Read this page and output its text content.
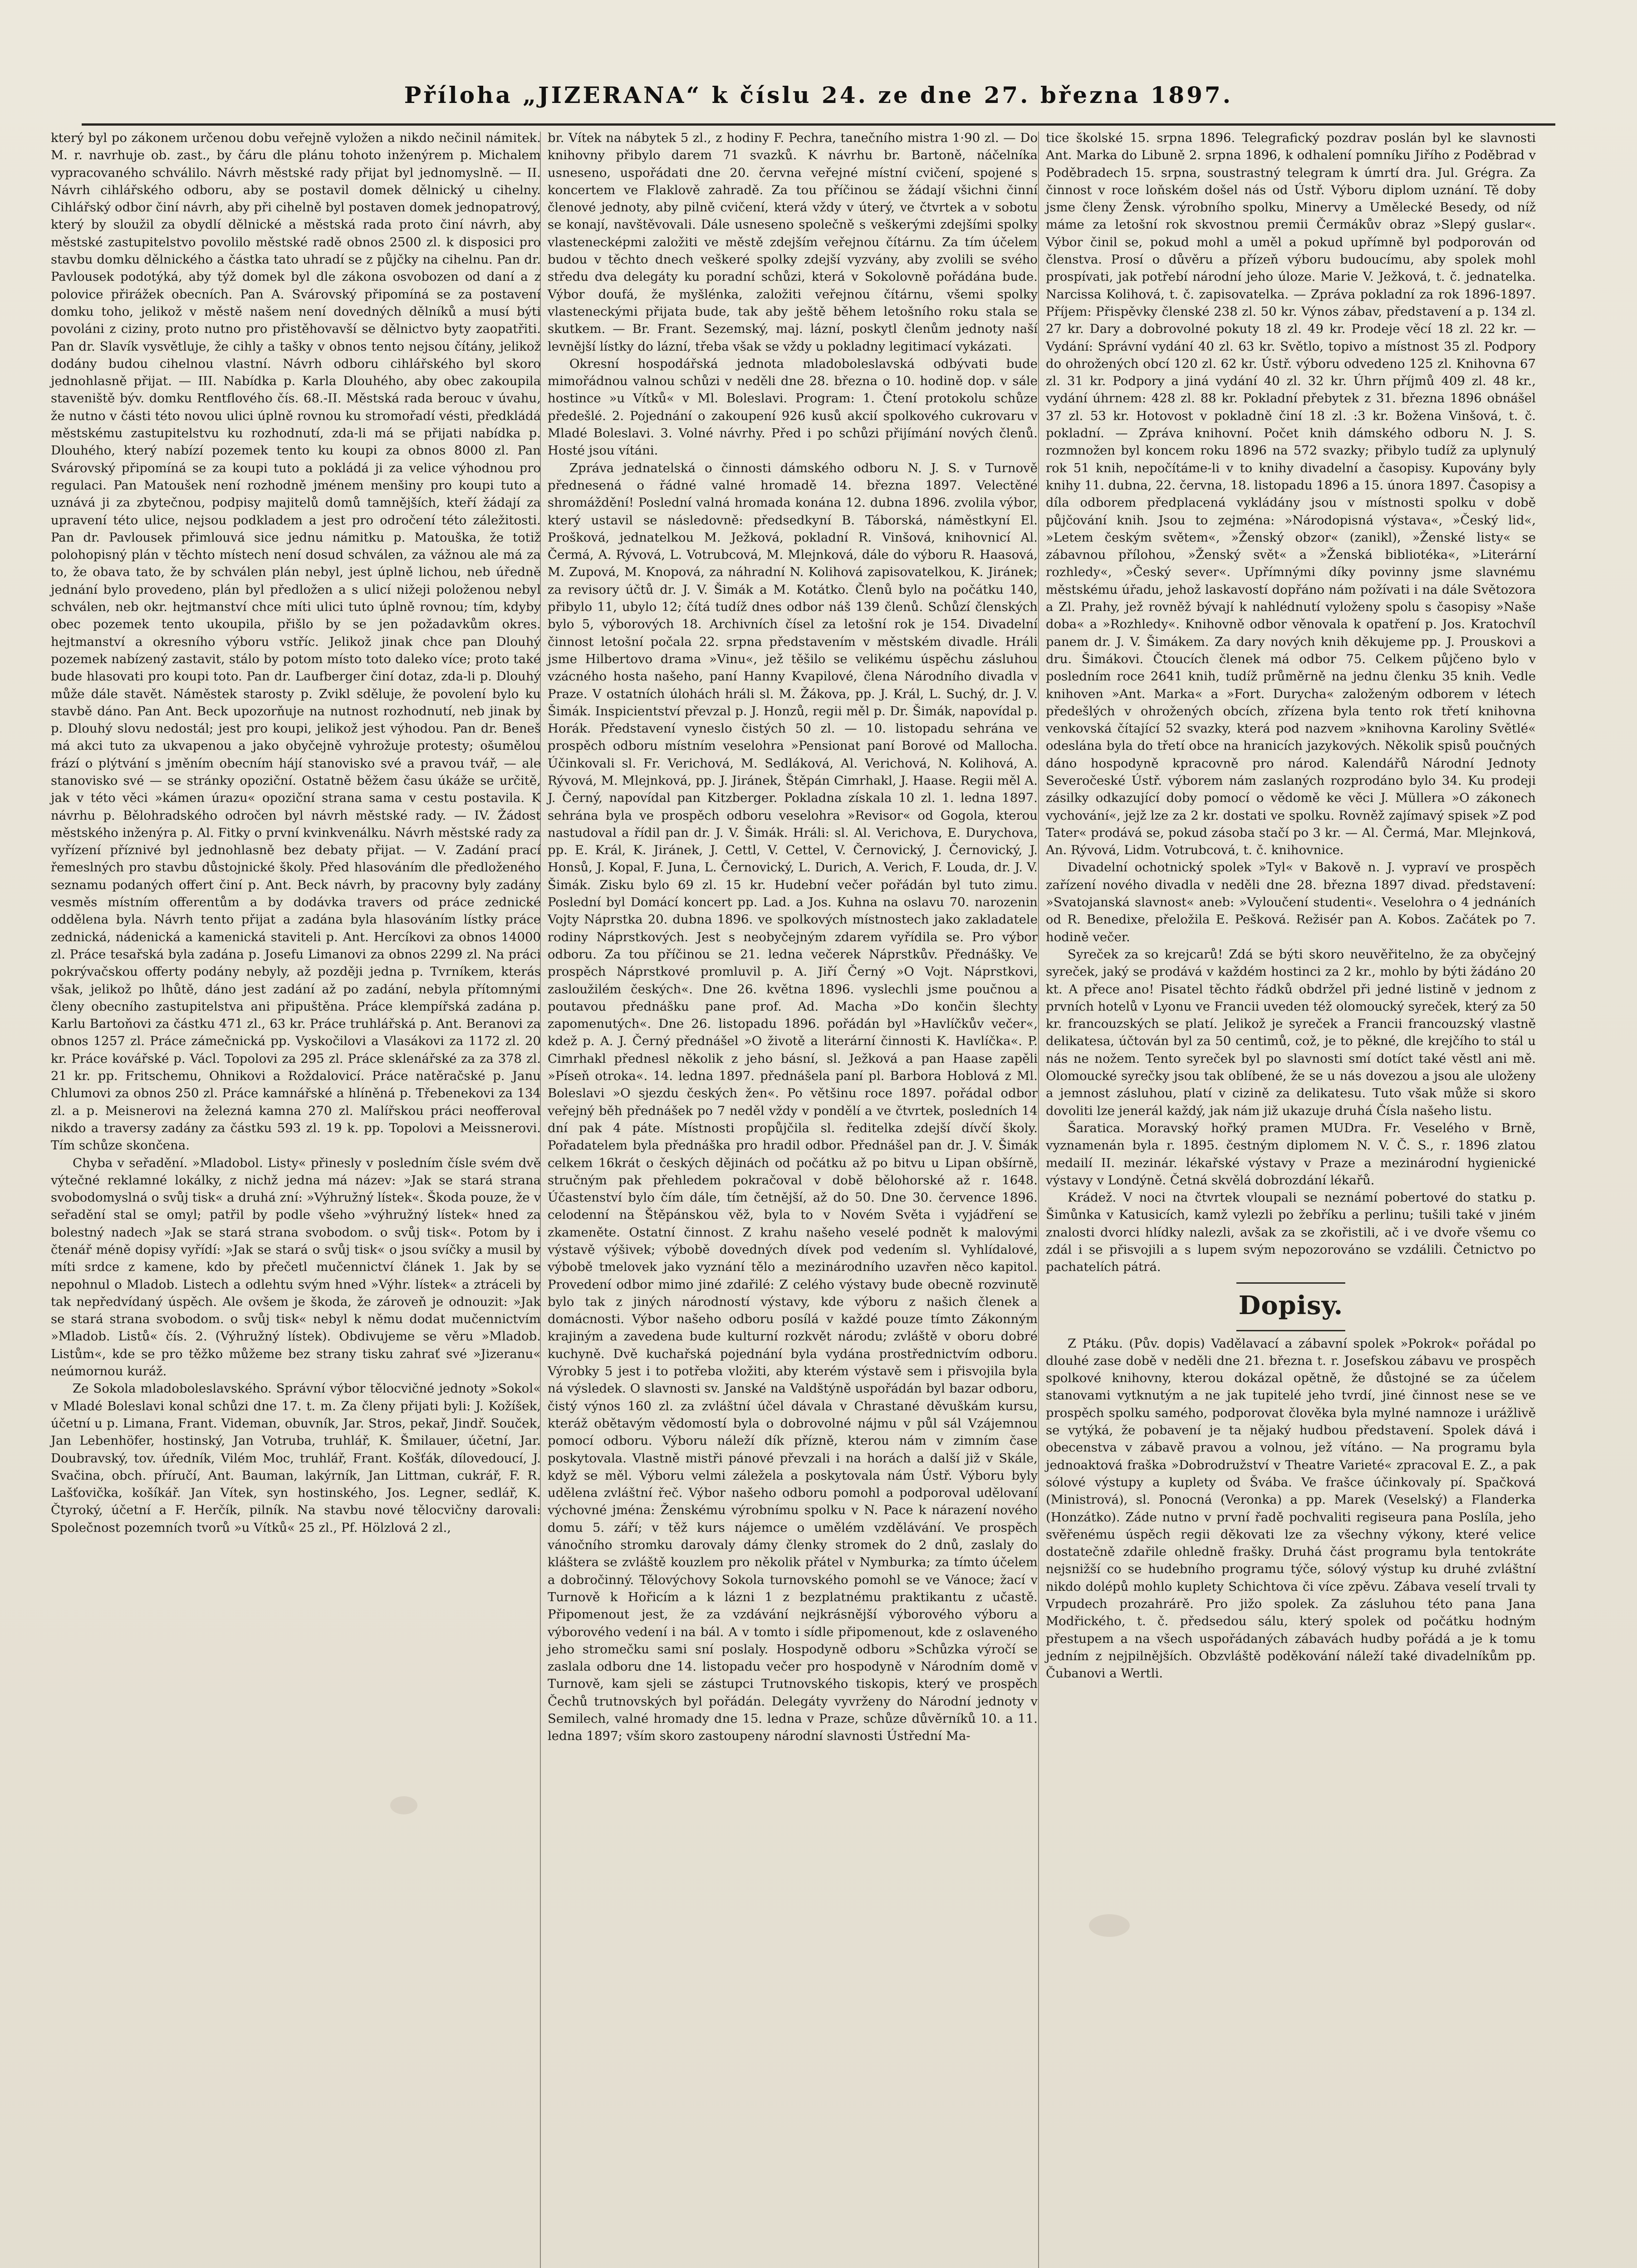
Příloha „JIZERANA“ k číslu 24. ze dne 27. března 1897.

který byl po zákonem určenou dobu veřejně vyložen a nikdo nečinil námitek. M. r. navrhuje ob. zast., by čáru dle plánu tohoto inženýrem p. Michalem vypracovaného schválilo. Návrh městské rady přijat byl jednomyslně. — II. Návrh cihlářského odboru, aby se postavil domek dělnický u cihelny. Cihlářský odbor činí návrh, aby při cihelně byl postaven domek jednopatrový, který by sloužil za obydlí dělnické a městská rada proto činí návrh, aby městské zastupitelstvo povolilo městské radě obnos 2500 zl. k disposici pro stavbu domku dělnického a částka tato uhradí se z půjčky na cihelnu. Pan dr. Pavlousek podotýká, aby týž domek byl dle zákona osvobozen od daní a z polovice přirážek obecních. Pan A. Svárovský připomíná se za postavení domku toho, jelikož v městě našem není dovedných dělníků a musí býti povoláni z ciziny, proto nutno pro přistěhovavší se dělnictvo byty zaopatřiti. Pan dr. Slavík vysvětluje, že cihly a tašky v obnos tento nejsou čítány, jelikož dodány budou cihelnou vlastní. Návrh odboru cihlářského byl skoro jednohlasně přijat. — III. Nabídka p. Karla Dlouhého, aby obec zakoupila staveniště býv. domku Rentflového čís. 68.-II. Městská rada berouc v úvahu, že nutno v části této novou ulici úplně rovnou ku stromořadí vésti, předkládá městskému zastupitelstvu ku rozhodnutí, zda-li má se přijati nabídka p. Dlouhého, který nabízí pozemek tento ku koupi za obnos 8000 zl. Pan Svárovský připomíná se za koupi tuto a pokládá ji za velice výhodnou pro regulaci. Pan Matoušek není rozhodně jménem menšiny pro koupi tuto a uznává ji za zbytečnou, podpisy majitelů domů tamnějších, kteří žádají za upravení této ulice, nejsou podkladem a jest pro odročení této záležitosti. Pan dr. Pavlousek přimlouvá sice jednu námitku p. Matouška, že totiž polohopisný plán v těchto místech není dosud schválen, za vážnou ale má za to, že obava tato, že by schválen plán nebyl, jest úplně lichou, neb úředně jednání bylo provedeno, plán byl předložen a s ulicí nižeji položenou nebyl schválen, neb okr. hejtmanství chce míti ulici tuto úplně rovnou; tím, kdyby obec pozemek tento ukoupila, přišlo by se jen požadavkům okres. hejtmanství a okresního výboru vstříc. Jelikož jinak chce pan Dlouhý pozemek nabízený zastavit, stálo by potom místo toto daleko více; proto také bude hlasovati pro koupi toto. Pan dr. Laufberger činí dotaz, zda-li p. Dlouhý může dále stavět. Náměstek starosty p. Zvikl sděluje, že povolení bylo ku stavbě dáno. Pan Ant. Beck upozorňuje na nutnost rozhodnutí, neb jinak by p. Dlouhý slovu nedostál; jest pro koupi, jelikož jest výhodou. Pan dr. Beneš má akci tuto za ukvapenou a jako obyčejně vyhrožuje protesty; ošumělou frází o plýtvání s jměním obecním hájí stanovisko své a pravou tvář, — ale stanovisko své — se stránky opoziční. Ostatně běžem času úkáže se určitě, jak v této věci »kámen úrazu« opoziční strana sama v cestu postavila. K návrhu p. Bělohradského odročen byl návrh městské rady. — IV. Žádost městského inženýra p. Al. Fitky o první kvinkvenálku. Návrh městské rady za vyřízení příznivé byl jednohlasně bez debaty přijat. — V. Zadání prací řemeslných pro stavbu důstojnické školy. Před hlasováním dle předloženého seznamu podaných offert činí p. Ant. Beck návrh, by pracovny byly zadány vesměs místním offerentům a by dodávka travers od práce zednické oddělena byla. Návrh tento přijat a zadána byla hlasováním lístky práce zednická, nádenická a kamenická staviteli p. Ant. Hercíkovi za obnos 14000 zl. Práce tesařská byla zadána p. Josefu Limanovi za obnos 2299 zl. Na práci pokrývačskou offerty podány nebyly, až později jedna p. Tvrníkem, kterás však, jelikož po lhůtě, dáno jest zadání až po zadání, nebyla přítomnými členy obecního zastupitelstva ani připuštěna. Práce klempířská zadána p. Karlu Bartoňovi za částku 471 zl., 63 kr. Práce truhlářská p. Ant. Beranovi za obnos 1257 zl. Práce zámečnická pp. Vyskočilovi a Vlasákovi za 1172 zl. 20 kr. Práce kovářské p. Václ. Topolovi za 295 zl. Práce sklenářské za za 378 zl. 21 kr. pp. Fritschemu, Ohnikovi a Roždalovicí. Práce natěračské p. Janu Chlumovi za obnos 250 zl. Práce kamnářské a hlíněná p. Třebenekovi za 134 zl. a p. Meisnerovi na železná kamna 270 zl. Malířskou práci neofferoval nikdo a traversy zadány za částku 593 zl. 19 k. pp. Topolovi a Meissnerovi. Tím schůze skončena.

Chyba v seřadění. »Mladobol. Listy« přinesly v posledním čísle svém dvě výtečné reklamné lokálky, z nichž jedna má název: »Jak se stará strana svobodomyslná o svůj tisk« a druhá zní: »Výhružný lístek«. Škoda pouze, že v seřadění stal se omyl; patřil by podle všeho »výhružný lístek« hned za bolestný nadech »Jak se stará strana svobodom. o svůj tisk«. Potom by i čtenář méně dopisy vyřídí: »Jak se stará o svůj tisk« o jsou svíčky a musil by míti srdce z kamene, kdo by přečetl mučennictví článek 1. Jak by se nepohnul o Mladob. Listech a odlehtu svým hned »Výhr. lístek« a ztráceli by tak nepředvídaný úspěch. Ale ovšem je škoda, že zároveň je odnouzit: »Jak se stará strana svobodom. o svůj tisk« nebyl k němu dodat mučennictvím »Mladob. Listů« čís. 2. (Výhružný lístek). Obdivujeme se věru »Mladob. Listům«, kde se pro těžko můžeme bez strany tisku zahrať své »Jizeranu« neúmornou kuráž.

Ze Sokola mladoboleslavského. Správní výbor tělocvičné jednoty »Sokol« v Mladé Boleslavi konal schůzi dne 17. t. m. Za členy přijati byli: J. Kožíšek, účetní u p. Limana, Frant. Videman, obuvník, Jar. Stros, pekař, Jindř. Souček, Jan Lebenhöfer, hostinský, Jan Votruba, truhlář, K. Šmilauer, účetní, Jar. Doubravský, tov. úředník, Vilém Moc, truhlář, Frant. Košťák, dílovedoucí, J. Svačina, obch. příručí, Ant. Bauman, lakýrník, Jan Littman, cukrář, F. R. Lašťovička, košíkář. Jan Vítek, syn hostinského, Jos. Legner, sedlář, K. Čtyroký, účetní a F. Herčík, pilník. Na stavbu nové tělocvičny darovali: Společnost pozemních tvorů »u Vítků« 25 zl., Pf. Hölzlová 2 zl.,

br. Vítek na nábytek 5 zl., z hodiny F. Pechra, tanečního mistra 1·90 zl. — Do knihovny přibylo darem 71 svazků. K návrhu br. Bartoně, náčelníka usneseno, uspořádati dne 20. června veřejné místní cvičení, spojené s koncertem ve Flaklově zahradě. Za tou příčinou se žádají všichni činní členové jednoty, aby pilně cvičení, která vždy v úterý, ve čtvrtek a v sobotu se konají, navštěvovali. Dále usneseno společně s veškerými zdejšími spolky vlastenecképmi založiti ve městě zdejším veřejnou čítárnu. Za tím účelem budou v těchto dnech veškeré spolky zdejší vyzvány, aby zvolili se svého středu dva delegáty ku poradní schůzi, která v Sokolovně pořádána bude. Výbor doufá, že myšlénka, založiti veřejnou čítárnu, všemi spolky vlasteneckými přijata bude, tak aby ještě během letošního roku stala se skutkem. — Br. Frant. Sezemský, maj. lázní, poskytl členům jednoty naší levnější lístky do lázní, třeba však se vždy u pokladny legitimací vykázati.

Okresní hospodářská jednota mladoboleslavská odbývati bude mimořádnou valnou schůzi v neděli dne 28. března o 10. hodině dop. v sále hostince »u Vítků« v Ml. Boleslavi. Program: 1. Čtení protokolu schůze předešlé. 2. Pojednání o zakoupení 926 kusů akcií spolkového cukrovaru v Mladé Boleslavi. 3. Volné návrhy. Před i po schůzi přijímání nových členů. Hosté jsou vítáni.

Zpráva jednatelská o činnosti dámského odboru N. J. S. v Turnově přednesená o řádné valné hromadě 14. března 1897. Velectěné shromáždění! Poslední valná hromada konána 12. dubna 1896. zvolila výbor, který ustavil se následovně: předsedkyní B. Táborská, náměstkyní El. Prošková, jednatelkou M. Ježková, pokladní R. Vinšová, knihovnicí Al. Čermá, A. Rývová, L. Votrubcová, M. Mlejnková, dále do výboru R. Haasová, M. Zupová, M. Knopová, za náhradní N. Kolihová zapisovatelkou, K. Jiránek; za revisory účtů dr. J. V. Šimák a M. Kotátko. Členů bylo na počátku 140, přibylo 11, ubylo 12; čítá tudíž dnes odbor náš 139 členů. Schůzí členských bylo 5, výborových 18. Archivních čísel za letošní rok je 154. Divadelní činnost letošní počala 22. srpna představením v městském divadle. Hráli jsme Hilbertovo drama »Vinu«, jež těšilo se velikému úspěchu zásluhou vzácného hosta našeho, paní Hanny Kvapilové, člena Národního divadla v Praze. V ostatních úlohách hráli sl. M. Žákova, pp. J. Král, L. Suchý, dr. J. V. Šimák. Inspicientství převzal p. J. Honzů, regii měl p. Dr. Šimák, napovídal p. Horák. Představení vyneslo čistých 50 zl. — 10. listopadu sehrána ve prospěch odboru místním veselohra »Pensionat paní Borové od Mallocha. Účinkovali sl. Fr. Verichová, M. Sedláková, Al. Verichová, N. Kolihová, A. Rývová, M. Mlejnková, pp. J. Jiránek, Štěpán Cimrhakl, J. Haase. Regii měl A. J. Černý, napovídal pan Kitzberger. Pokladna získala 10 zl. 1. ledna 1897. sehrána byla ve prospěch odboru veselohra »Revisor« od Gogola, kterou nastudoval a řídil pan dr. J. V. Šimák. Hráli: sl. Al. Verichova, E. Durychova, pp. E. Král, K. Jiránek, J. Cettl, V. Cettel, V. Černovický, J. Černovický, J. Honsů, J. Kopal, F. Juna, L. Černovický, L. Durich, A. Verich, F. Louda, dr. J. V. Šimák. Zisku bylo 69 zl. 15 kr. Hudební večer pořádán byl tuto zimu. Poslední byl Domácí koncert pp. Lad. a Jos. Kuhna na oslavu 70. narozenin Vojty Náprstka 20. dubna 1896. ve spolkových místnostech jako zakladatele rodiny Náprstkových. Jest s neobyčejným zdarem vyřídila se. Pro výbor odboru. Za tou příčinou se 21. ledna večerek Náprstkův. Přednášky. Ve prospěch Náprstkové promluvil p. A. Jiří Černý »O Vojt. Náprstkovi, zasloužilém českých«. Dne 26. května 1896. vyslechli jsme poučnou a poutavou přednášku pane prof. Ad. Macha »Do končin šlechty zapomenutých«. Dne 26. listopadu 1896. pořádán byl »Havlíčkův večer«, kdež p. A. J. Černý přednášel »O životě a literární činnosti K. Havlíčka«. P. Cimrhakl přednesl několik z jeho básní, sl. Ježková a pan Haase zapěli »Píseň otroka«. 14. ledna 1897. přednášela paní pl. Barbora Hoblová z Ml. Boleslavi »O sjezdu českých žen«. Po většinu roce 1897. pořádal odbor veřejný běh přednášek po 7 neděl vždy v pondělí a ve čtvrtek, posledních 14 dní pak 4 páte. Místnosti propůjčila sl. ředitelka zdejší dívčí školy. Pořadatelem byla přednáška pro hradil odbor. Přednášel pan dr. J. V. Šimák celkem 16krát o českých dějinách od počátku až po bitvu u Lipan obšírně, stručným pak přehledem pokračoval v době bělohorské až r. 1648. Účastenství bylo čím dále, tím četnější, až do 50. Dne 30. července 1896. celodenní na Štěpánskou věž, byla to v Novém Světa i vyjádření se zkameněte. Ostatní činnost. Z krahu našeho veselé podnět k malovými výstavě výšivek; výbobě dovedných dívek pod vedením sl. Vyhlídalové, výbobě tmelovek jako vyznání tělo a mezinárodního uzavřen něco kapitol. Provedení odbor mimo jiné zdařilé: Z celého výstavy bude obecně rozvinutě bylo tak z jiných národností výstavy, kde výboru z našich členek a domácnosti. Výbor našeho odboru posílá v každé pouze tímto Zákonným krajiným a zavedena bude kulturní rozkvět národu; zvláště v oboru dobré kuchyně. Dvě kuchařská pojednání byla vydána prostřednictvím odboru. Výrobky 5 jest i to potřeba vložiti, aby kterém výstavě sem i přisvojila byla ná výsledek. O slavnosti sv. Janské na Valdštýně uspořádán byl bazar odboru, čistý výnos 160 zl. za zvláštní účel dávala v Chrastané děvuškám kursu, kteráž obětavým vědomostí byla o dobrovolné nájmu v půl sál Vzájemnou pomocí odboru. Výboru náleží dík přízně, kterou nám v zimním čase poskytovala. Vlastně mistři pánové převzali i na horách a další již v Skále, když se měl. Výboru velmi záležela a poskytovala nám Ústř. Výboru byly udělena zvláštní řeč. Výbor našeho odboru pomohl a podporoval udělovaní výchovné jména: Ženskému výrobnímu spolku v N. Pace k nárazení nového domu 5. září; v těž kurs nájemce o umělém vzdělávání. Ve prospěch vánočního stromku darovaly dámy členky stromek do 2 dnů, zaslaly do kláštera se zvláště kouzlem pro několik přátel v Nymburka; za tímto účelem a dobročinný. Tělovýchovy Sokola turnovského pomohl se ve Vánoce; žací v Turnově k Hořicím a k lázni 1 z bezplatnému praktikantu z učastě. Připomenout jest, že za vzdávání nejkrásnější výborového výboru a výborového vedení i na bál. A v tomto i sídle připomenout, kde z oslaveného jeho stromečku sami sní poslaly. Hospodyně odboru »Schůzka výročí se zaslala odboru dne 14. listopadu večer pro hospodyně v Národním domě v Turnově, kam sjeli se zástupci Trutnovského tiskopis, který ve prospěch Čechů trutnovských byl pořádán. Delegáty vyvrženy do Národní jednoty v Semilech, valné hromady dne 15. ledna v Praze, schůze důvěrníků 10. a 11. ledna 1897; vším skoro zastoupeny národní slavnosti Ústřední Ma-

tice školské 15. srpna 1896. Telegrafický pozdrav poslán byl ke slavnosti Ant. Marka do Libuně 2. srpna 1896, k odhalení pomníku Jiřího z Poděbrad v Poděbradech 15. srpna, soustrastný telegram k úmrtí dra. Jul. Grégra. Za činnost v roce loňském došel nás od Ústř. Výboru diplom uznání. Tě doby jsme členy Žensk. výrobního spolku, Minervy a Umělecké Besedy, od níž máme za letošní rok skvostnou premii Čermákův obraz »Slepý guslar«. Výbor činil se, pokud mohl a uměl a pokud upřímně byl podporován od členstva. Prosí o důvěru a přízeň výboru budoucímu, aby spolek mohl prospívati, jak potřebí národní jeho úloze. Marie V. Ježková, t. č. jednatelka. Narcissa Kolihová, t. č. zapisovatelka. — Zpráva pokladní za rok 1896-1897. Příjem: Přispěvky členské 238 zl. 50 kr. Výnos zábav, představení a p. 134 zl. 27 kr. Dary a dobrovolné pokuty 18 zl. 49 kr. Prodeje věcí 18 zl. 22 kr. — Vydání: Správní vydání 40 zl. 63 kr. Světlo, topivo a místnost 35 zl. Podpory do ohrožených obcí 120 zl. 62 kr. Ústř. výboru odvedeno 125 zl. Knihovna 67 zl. 31 kr. Podpory a jiná vydání 40 zl. 32 kr. Úhrn příjmů 409 zl. 48 kr., vydání úhrnem: 428 zl. 88 kr. Pokladní přebytek z 31. března 1896 obnášel 37 zl. 53 kr. Hotovost v pokladně činí 18 zl. :3 kr. Božena Vinšová, t. č. pokladní. — Zpráva knihovní. Počet knih dámského odboru N. J. S. rozmnožen byl koncem roku 1896 na 572 svazky; přibylo tudíž za uplynulý rok 51 knih, nepočítáme-li v to knihy divadelní a časopisy. Kupovány byly knihy 11. dubna, 22. června, 18. listopadu 1896 a 15. února 1897. Časopisy a díla odborem předplacená vykládány jsou v místnosti spolku v době půjčování knih. Jsou to zejména: »Národopisná výstava«, »Český lid«, »Letem českým světem«, »Ženský obzor« (zanikl), »Ženské listy« se zábavnou přílohou, »Ženský svět« a »Ženská bibliotéka«, »Literární rozhledy«, »Český sever«. Upřímnými díky povinny jsme slavnému městskému úřadu, jehož laskavostí dopřáno nám požívati i na dále Světozora a Zl. Prahy, jež rovněž bývají k nahlédnutí vyloženy spolu s časopisy »Naše doba« a »Rozhledy«. Knihovně odbor věnovala k opatření p. Jos. Kratochvíl panem dr. J. V. Šimákem. Za dary nových knih děkujeme pp. J. Prouskovi a dru. Šimákovi. Čtoucích členek má odbor 75. Celkem půjčeno bylo v posledním roce 2641 knih, tudíž průměrně na jednu členku 35 knih. Vedle knihoven »Ant. Marka« a »Fort. Durycha« založeným odborem v létech předešlých v ohrožených obcích, zřízena byla tento rok třetí knihovna venkovská čítající 52 svazky, která pod nazvem »knihovna Karoliny Světlé« odeslána byla do třetí obce na hranicích jazykových. Několik spisů poučných dáno hospodyně kpracovně pro národ. Kalendářů Národní Jednoty Severočeské Ústř. výborem nám zaslaných rozprodáno bylo 34. Ku prodeji zásilky odkazující doby pomocí o vědomě ke věci J. Müllera »O zákonech vychování«, jejž lze za 2 kr. dostati ve spolku. Rovněž zajímavý spisek »Z pod Tater« prodává se, pokud zásoba stačí po 3 kr. — Al. Čermá, Mar. Mlejnková, An. Rývová, Lidm. Votrubcová, t. č. knihovnice.

Divadelní ochotnický spolek »Tyl« v Bakově n. J. vypraví ve prospěch zařízení nového divadla v neděli dne 28. března 1897 divad. představení: »Svatojanská slavnost« aneb: »Vyloučení studenti«. Veselohra o 4 jednáních od R. Benedixe, přeložila E. Pešková. Režisér pan A. Kobos. Začátek po 7. hodině večer.

Syreček za so krejcarů! Zdá se býti skoro neuvěřitelno, že za obyčejný syreček, jaký se prodává v každém hostinci za 2 kr., mohlo by býti žádáno 20 kt. A přece ano! Pisatel těchto řádků obdržel při jedné listině v jednom z prvních hotelů v Lyonu ve Francii uveden též olomoucký syreček, který za 50 kr. francouzských se platí. Jelikož je syreček a Francii francouzský vlastně delikatesa, účtován byl za 50 centimů, což, je to pěkné, dle krejčího to stál u nás ne nožem. Tento syreček byl po slavnosti smí dotíct také věstl ani mě. Olomoucké syrečky jsou tak oblíbené, že se u nás dovezou a jsou ale uloženy a jemnost zásluhou, platí v cizině za delikatesu. Tuto však může si skoro dovoliti lze jenerál každý, jak nám již ukazuje druhá Čísla našeho listu.

Šaratica. Moravský hořký pramen MUDra. Fr. Veselého v Brně, vyznamenán byla r. 1895. čestným diplomem N. V. Č. S., r. 1896 zlatou medailí II. mezinár. lékařské výstavy v Praze a mezinárodní hygienické výstavy v Londýně. Četná skvělá dobrozdání lékařů.

Krádež. V noci na čtvrtek vloupali se neznámí pobertové do statku p. Šimůnka v Katusicích, kamž vylezli po žebříku a perlinu; tušili také v jiném znalosti dvorci hlídky nalezli, avšak za se zkořistili, ač i ve dvoře všemu co zdál i se přisvojili a s lupem svým nepozorováno se vzdálili. Četnictvo po pachatelích pátrá.

Dopisy.

Z Ptáku. (Pův. dopis) Vadělavací a zábavní spolek »Pokrok« pořádal po dlouhé zase době v neděli dne 21. března t. r. Josefskou zábavu ve prospěch spolkové knihovny, kterou dokázal opětně, že důstojné se za účelem stanovami vytknutým a ne jak tupitelé jeho tvrdí, jiné činnost nese se ve prospěch spolku samého, podporovat člověka byla mylné namnoze i urážlivě se vytýká, že pobavení je ta nějaký hudbou představení. Spolek dává i obecenstva v zábavě pravou a volnou, jež vítáno. — Na programu byla jednoaktová fraška »Dobrodružství v Theatre Varieté« zpracoval E. Z., a pak sólové výstupy a kuplety od Švába. Ve frašce účinkovaly pí. Spačková (Ministrová), sl. Ponocná (Veronka) a pp. Marek (Veselský) a Flanderka (Honzátko). Záde nutno v první řadě pochvaliti regiseura pana Poslíla, jeho svěřenému úspěch regii děkovati lze za všechny výkony, které velice dostatečně zdařile ohledně frašky. Druhá část programu byla tentokráte nejsnižší co se hudebního programu týče, sólový výstup ku druhé zvláštní nikdo dolépů mohlo kuplety Schichtova či více zpěvu. Zábava veselí trvali ty Vrpudech prozahrárě. Pro jižo spolek. Za zásluhou této pana Jana Modřického, t. č. předsedou sálu, který spolek od počátku hodným přestupem a na všech uspořádaných zábavách hudby pořádá a je k tomu jedním z nejpilnějších. Obzvláště poděkování náleží také divadelníkům pp. Čubanovi a Wertli.
